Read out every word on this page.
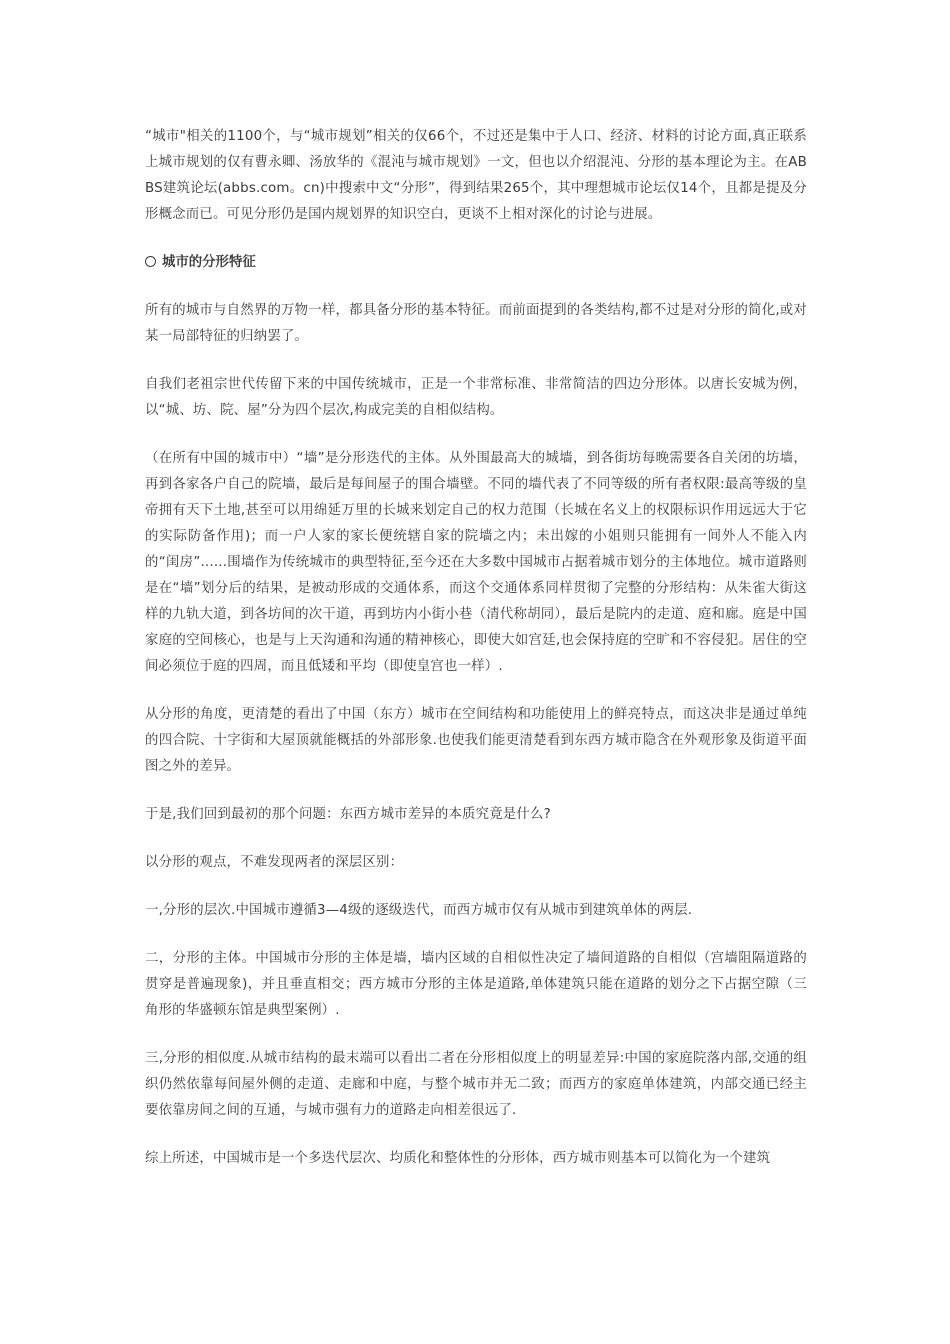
“城市"相关的1100个，与“城市规划”相关的仅66个，不过还是集中于人口、经济、材料的讨论方面,真正联系上城市规划的仅有曹永卿、汤放华的《混沌与城市规划》一文，但也以介绍混沌、分形的基本理论为主。在ABBS建筑论坛(abbs.com。cn)中搜索中文“分形”，得到结果265个，其中理想城市论坛仅14个，且都是提及分形概念而已。可见分形仍是国内规划界的知识空白，更谈不上相对深化的讨论与进展。

城市的分形特征

所有的城市与自然界的万物一样，都具备分形的基本特征。而前面提到的各类结构,都不过是对分形的简化,或对某一局部特征的归纳罢了。

自我们老祖宗世代传留下来的中国传统城市，正是一个非常标准、非常简洁的四边分形体。以唐长安城为例，以“城、坊、院、屋”分为四个层次,构成完美的自相似结构。

（在所有中国的城市中）“墙”是分形迭代的主体。从外围最高大的城墙，到各街坊每晚需要各自关闭的坊墙，再到各家各户自己的院墙，最后是每间屋子的围合墙壁。不同的墙代表了不同等级的所有者权限:最高等级的皇帝拥有天下土地,甚至可以用绵延万里的长城来划定自己的权力范围（长城在名义上的权限标识作用远远大于它的实际防备作用)；而一户人家的家长便统辖自家的院墙之内；未出嫁的小姐则只能拥有一间外人不能入内的“闺房”......围墙作为传统城市的典型特征,至今还在大多数中国城市占据着城市划分的主体地位。城市道路则是在“墙”划分后的结果，是被动形成的交通体系，而这个交通体系同样贯彻了完整的分形结构：从朱雀大街这样的九轨大道，到各坊间的次干道，再到坊内小街小巷（清代称胡同），最后是院内的走道、庭和廊。庭是中国家庭的空间核心，也是与上天沟通和沟通的精神核心，即使大如宫廷,也会保持庭的空旷和不容侵犯。居住的空间必须位于庭的四周，而且低矮和平均（即使皇宫也一样）.

从分形的角度，更清楚的看出了中国（东方）城市在空间结构和功能使用上的鲜亮特点，而这决非是通过单纯的四合院、十字街和大屋顶就能概括的外部形象.也使我们能更清楚看到东西方城市隐含在外观形象及街道平面图之外的差异。

于是,我们回到最初的那个问题：东西方城市差异的本质究竟是什么?

以分形的观点，不难发现两者的深层区别：

一,分形的层次.中国城市遵循3—4级的逐级迭代，而西方城市仅有从城市到建筑单体的两层.

二，分形的主体。中国城市分形的主体是墙，墙内区域的自相似性决定了墙间道路的自相似（宫墙阻隔道路的贯穿是普遍现象)，并且垂直相交；西方城市分形的主体是道路,单体建筑只能在道路的划分之下占据空隙（三角形的华盛顿东馆是典型案例）.

三,分形的相似度.从城市结构的最末端可以看出二者在分形相似度上的明显差异:中国的家庭院落内部,交通的组织仍然依靠每间屋外侧的走道、走廊和中庭，与整个城市并无二致；而西方的家庭单体建筑，内部交通已经主要依靠房间之间的互通，与城市强有力的道路走向相差很远了.

综上所述，中国城市是一个多迭代层次、均质化和整体性的分形体，西方城市则基本可以简化为一个建筑
